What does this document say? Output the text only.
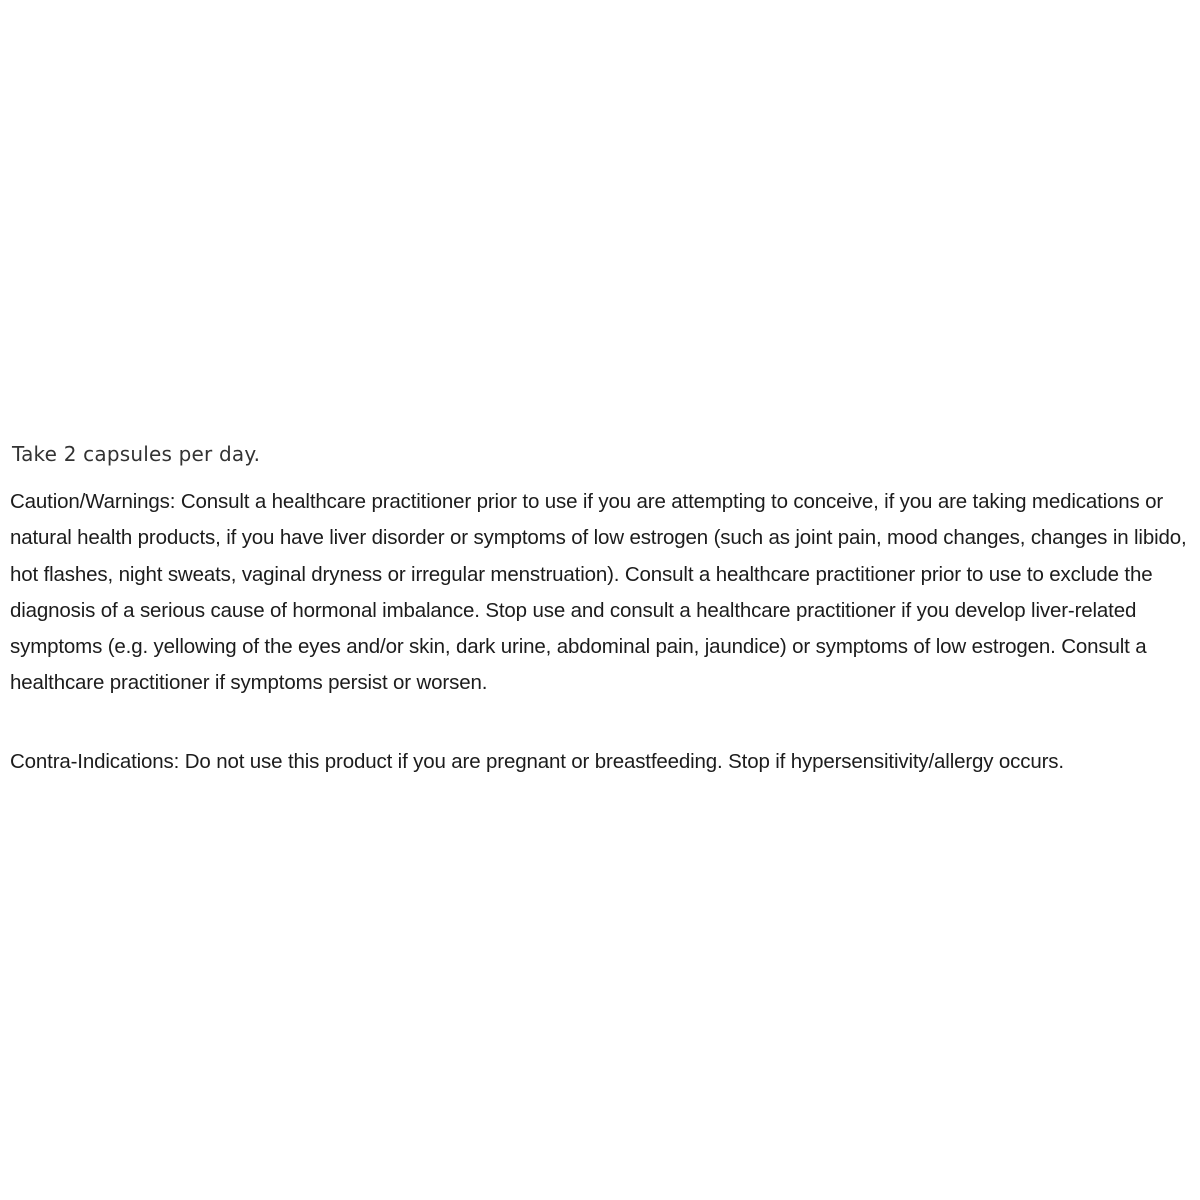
Take 2 capsules per day.

Caution/Warnings: Consult a healthcare practitioner prior to use if you are attempting to conceive, if you are taking medications or natural health products, if you have liver disorder or symptoms of low estrogen (such as joint pain, mood changes, changes in libido, hot flashes, night sweats, vaginal dryness or irregular menstruation). Consult a healthcare practitioner prior to use to exclude the diagnosis of a serious cause of hormonal imbalance. Stop use and consult a healthcare practitioner if you develop liver-related symptoms (e.g. yellowing of the eyes and/or skin, dark urine, abdominal pain, jaundice) or symptoms of low estrogen. Consult a healthcare practitioner if symptoms persist or worsen.

Contra-Indications: Do not use this product if you are pregnant or breastfeeding. Stop if hypersensitivity/allergy occurs.
